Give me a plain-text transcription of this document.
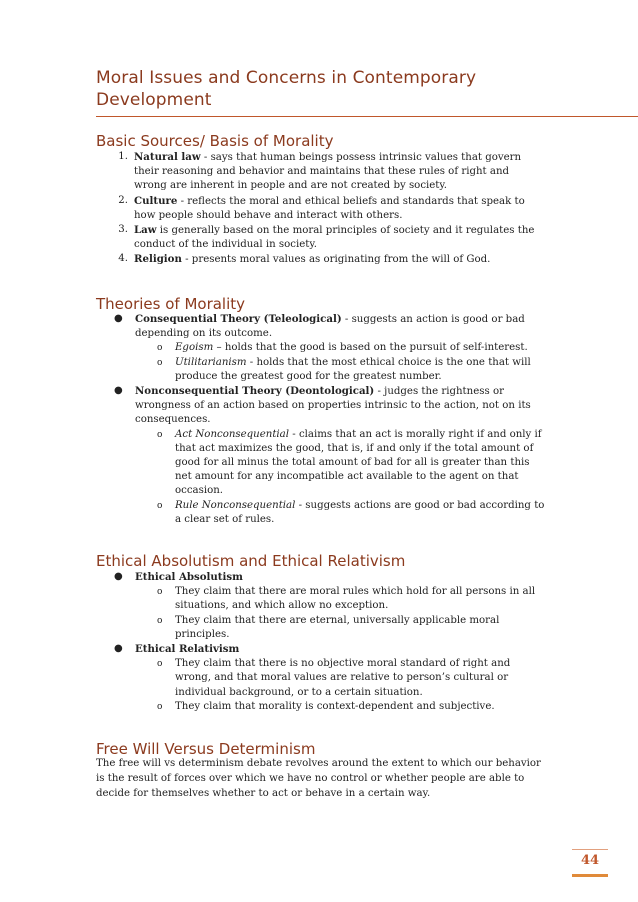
Moral Issues and Concerns in Contemporary Development
Basic Sources/ Basis of Morality
1. Natural law - says that human beings possess intrinsic values that govern their reasoning and behavior and maintains that these rules of right and wrong are inherent in people and are not created by society.
2. Culture - reflects the moral and ethical beliefs and standards that speak to how people should behave and interact with others.
3. Law is generally based on the moral principles of society and it regulates the conduct of the individual in society.
4. Religion - presents moral values as originating from the will of God.
Theories of Morality
● Consequential Theory (Teleological) - suggests an action is good or bad depending on its outcome.
o Egoism – holds that the good is based on the pursuit of self-interest.
o Utilitarianism - holds that the most ethical choice is the one that will produce the greatest good for the greatest number.
● Nonconsequential Theory (Deontological) - judges the rightness or wrongness of an action based on properties intrinsic to the action, not on its consequences.
o Act Nonconsequential - claims that an act is morally right if and only if that act maximizes the good, that is, if and only if the total amount of good for all minus the total amount of bad for all is greater than this net amount for any incompatible act available to the agent on that occasion.
o Rule Nonconsequential - suggests actions are good or bad according to a clear set of rules.
Ethical Absolutism and Ethical Relativism
● Ethical Absolutism
o They claim that there are moral rules which hold for all persons in all situations, and which allow no exception.
o They claim that there are eternal, universally applicable moral principles.
● Ethical Relativism
o They claim that there is no objective moral standard of right and wrong, and that moral values are relative to person’s cultural or individual background, or to a certain situation.
o They claim that morality is context-dependent and subjective.
Free Will Versus Determinism

The free will vs determinism debate revolves around the extent to which our behavior is the result of forces over which we have no control or whether people are able to decide for themselves whether to act or behave in a certain way.

44
